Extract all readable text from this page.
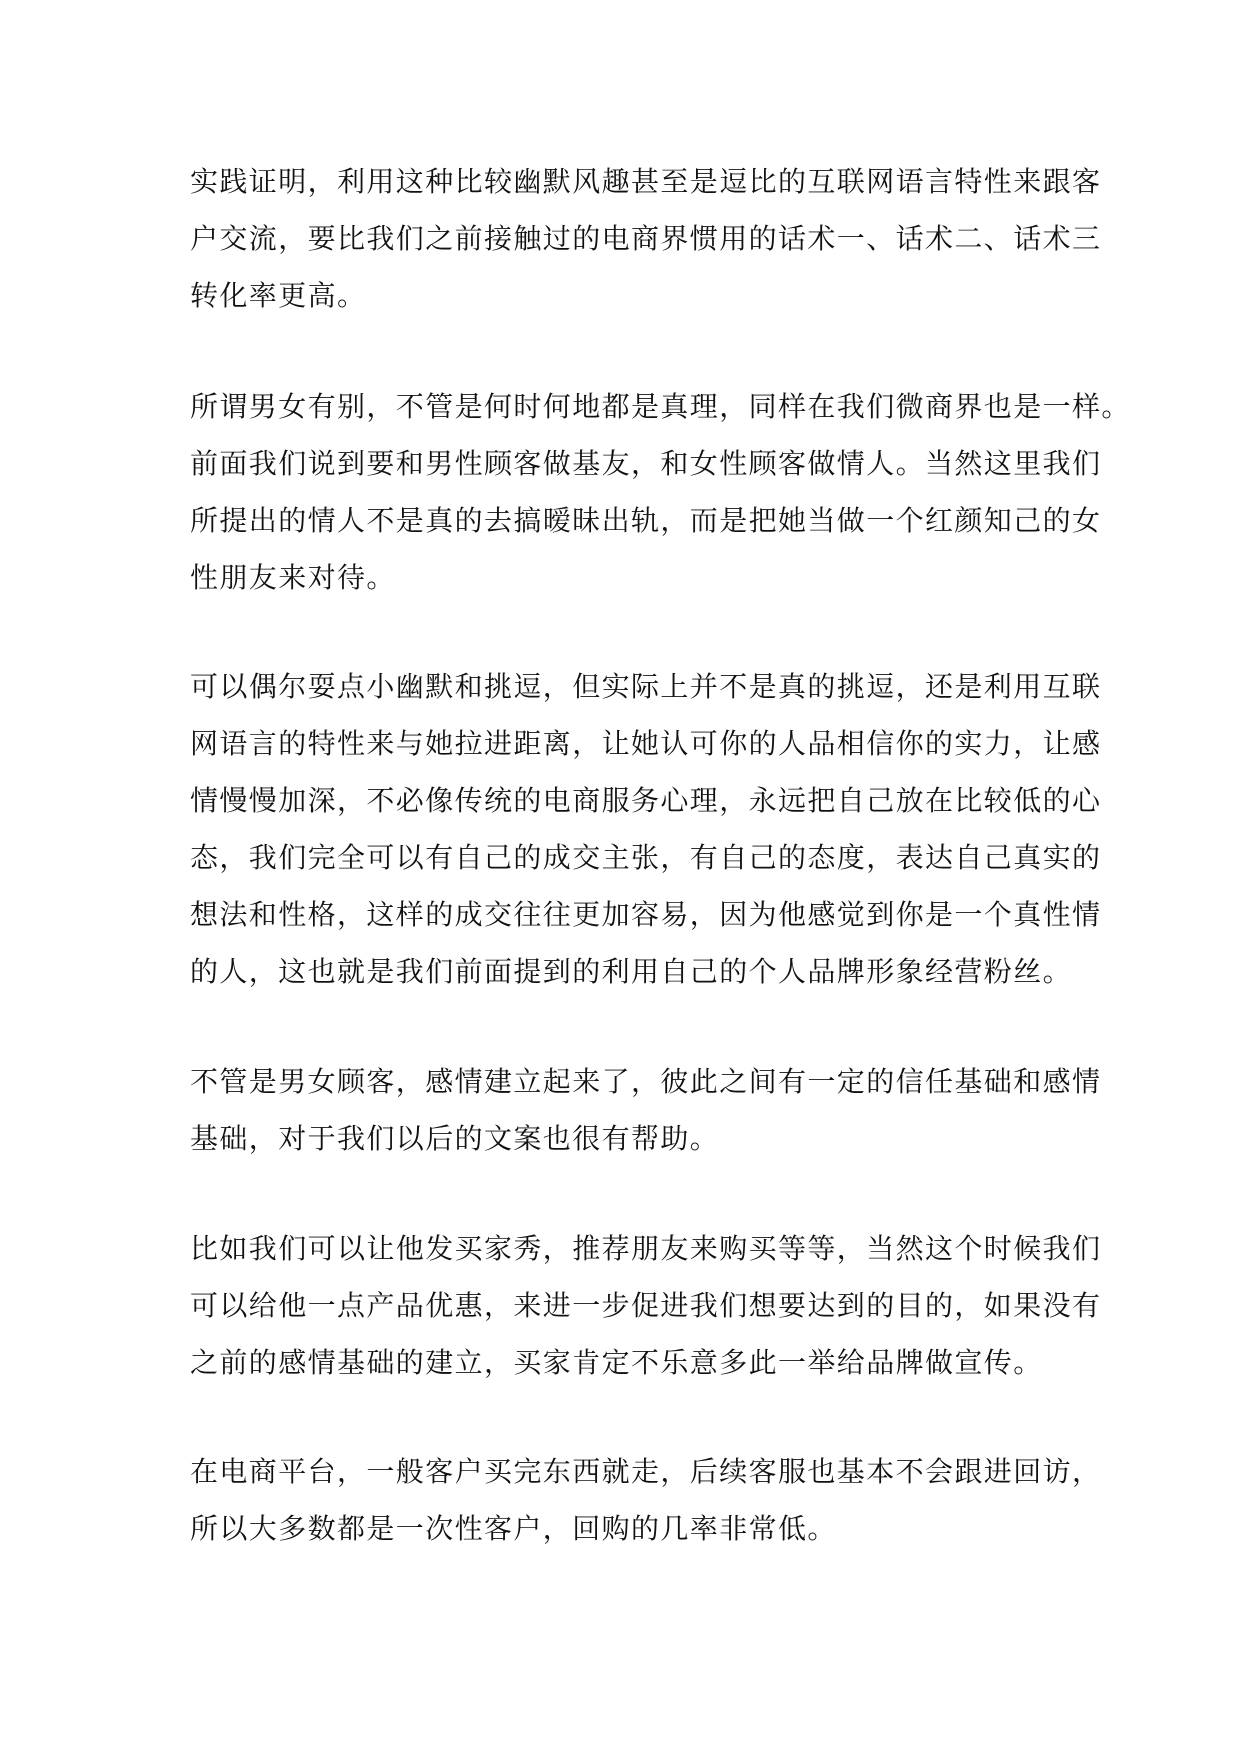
实践证明，利用这种比较幽默风趣甚至是逗比的互联网语言特性来跟客
户交流，要比我们之前接触过的电商界惯用的话术一、话术二、话术三
转化率更高。
所谓男女有别，不管是何时何地都是真理，同样在我们微商界也是一样。
前面我们说到要和男性顾客做基友，和女性顾客做情人。当然这里我们
所提出的情人不是真的去搞暧昧出轨，而是把她当做一个红颜知己的女
性朋友来对待。
可以偶尔耍点小幽默和挑逗，但实际上并不是真的挑逗，还是利用互联
网语言的特性来与她拉进距离，让她认可你的人品相信你的实力，让感
情慢慢加深，不必像传统的电商服务心理，永远把自己放在比较低的心
态，我们完全可以有自己的成交主张，有自己的态度，表达自己真实的
想法和性格，这样的成交往往更加容易，因为他感觉到你是一个真性情
的人，这也就是我们前面提到的利用自己的个人品牌形象经营粉丝。
不管是男女顾客，感情建立起来了，彼此之间有一定的信任基础和感情
基础，对于我们以后的文案也很有帮助。
比如我们可以让他发买家秀，推荐朋友来购买等等，当然这个时候我们
可以给他一点产品优惠，来进一步促进我们想要达到的目的，如果没有
之前的感情基础的建立，买家肯定不乐意多此一举给品牌做宣传。
在电商平台，一般客户买完东西就走，后续客服也基本不会跟进回访，
所以大多数都是一次性客户，回购的几率非常低。
